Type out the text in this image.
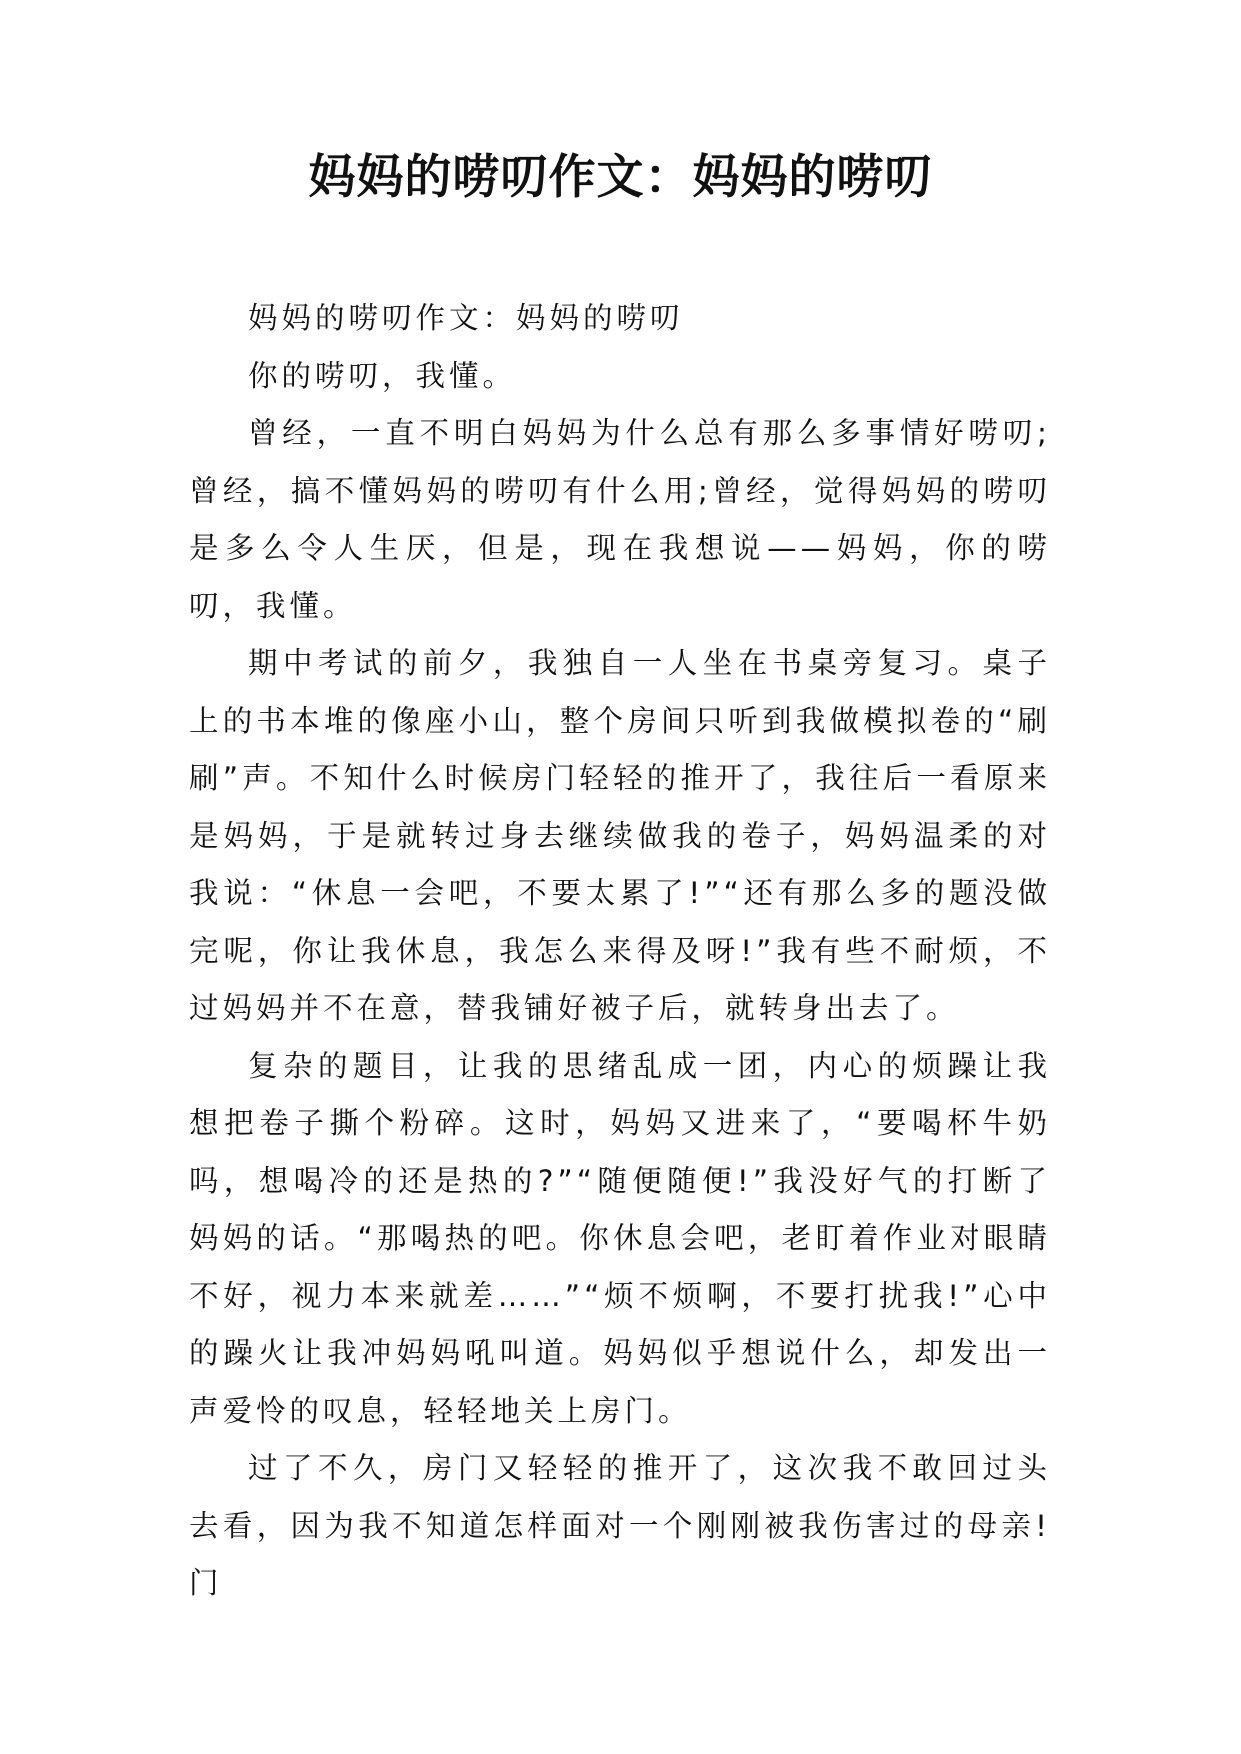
妈妈的唠叨作文：妈妈的唠叨

妈妈的唠叨作文：妈妈的唠叨

你的唠叨，我懂。

曾经，一直不明白妈妈为什么总有那么多事情好唠叨;曾经，搞不懂妈妈的唠叨有什么用;曾经，觉得妈妈的唠叨是多么令人生厌，但是，现在我想说——妈妈，你的唠叨，我懂。

期中考试的前夕，我独自一人坐在书桌旁复习。桌子上的书本堆的像座小山，整个房间只听到我做模拟卷的“刷刷”声。不知什么时候房门轻轻的推开了，我往后一看原来是妈妈，于是就转过身去继续做我的卷子，妈妈温柔的对我说：“休息一会吧，不要太累了!”“还有那么多的题没做完呢，你让我休息，我怎么来得及呀!”我有些不耐烦，不过妈妈并不在意，替我铺好被子后，就转身出去了。

复杂的题目，让我的思绪乱成一团，内心的烦躁让我想把卷子撕个粉碎。这时，妈妈又进来了，“要喝杯牛奶吗，想喝冷的还是热的?”“随便随便!”我没好气的打断了妈妈的话。“那喝热的吧。你休息会吧，老盯着作业对眼睛不好，视力本来就差……”“烦不烦啊，不要打扰我!”心中的躁火让我冲妈妈吼叫道。妈妈似乎想说什么，却发出一声爱怜的叹息，轻轻地关上房门。

过了不久，房门又轻轻的推开了，这次我不敢回过头去看，因为我不知道怎样面对一个刚刚被我伤害过的母亲!门
